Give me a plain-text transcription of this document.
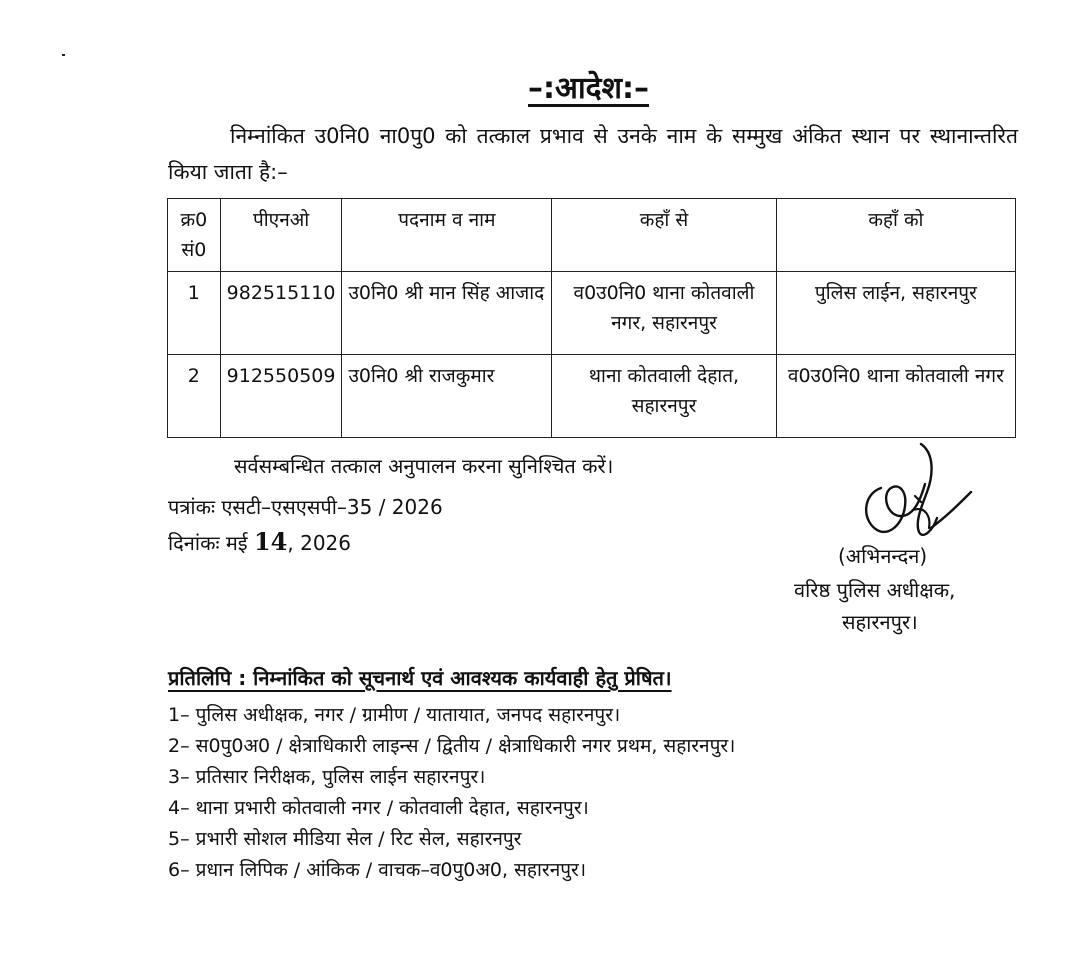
–:आदेश:–
निम्नांकित उ0नि0 ना0पु0 को तत्काल प्रभाव से उनके नाम के सम्मुख अंकित स्थान पर स्थानान्तरित किया जाता है:–
क्र0 सं0	पीएनओ	पदनाम व नाम	कहाँ से	कहाँ को
1	982515110	उ0नि0 श्री मान सिंह आजाद	व0उ0नि0 थाना कोतवाली नगर, सहारनपुर	पुलिस लाईन, सहारनपुर
2	912550509	उ0नि0 श्री राजकुमार	थाना कोतवाली देहात, सहारनपुर	व0उ0नि0 थाना कोतवाली नगर
सर्वसम्बन्धित तत्काल अनुपालन करना सुनिश्चित करें।
पत्रांकः एसटी–एसएसपी–35 / 2026
दिनांकः मई 14, 2026
(अभिनन्दन)
वरिष्ठ पुलिस अधीक्षक,
सहारनपुर।
प्रतिलिपि : निम्नांकित को सूचनार्थ एवं आवश्यक कार्यवाही हेतु प्रेषित।
1– पुलिस अधीक्षक, नगर / ग्रामीण / यातायात, जनपद सहारनपुर।
2– स0पु0अ0 / क्षेत्राधिकारी लाइन्स / द्वितीय / क्षेत्राधिकारी नगर प्रथम, सहारनपुर।
3– प्रतिसार निरीक्षक, पुलिस लाईन सहारनपुर।
4– थाना प्रभारी कोतवाली नगर / कोतवाली देहात, सहारनपुर।
5– प्रभारी सोशल मीडिया सेल / रिट सेल, सहारनपुर
6– प्रधान लिपिक / आंकिक / वाचक–व0पु0अ0, सहारनपुर।
